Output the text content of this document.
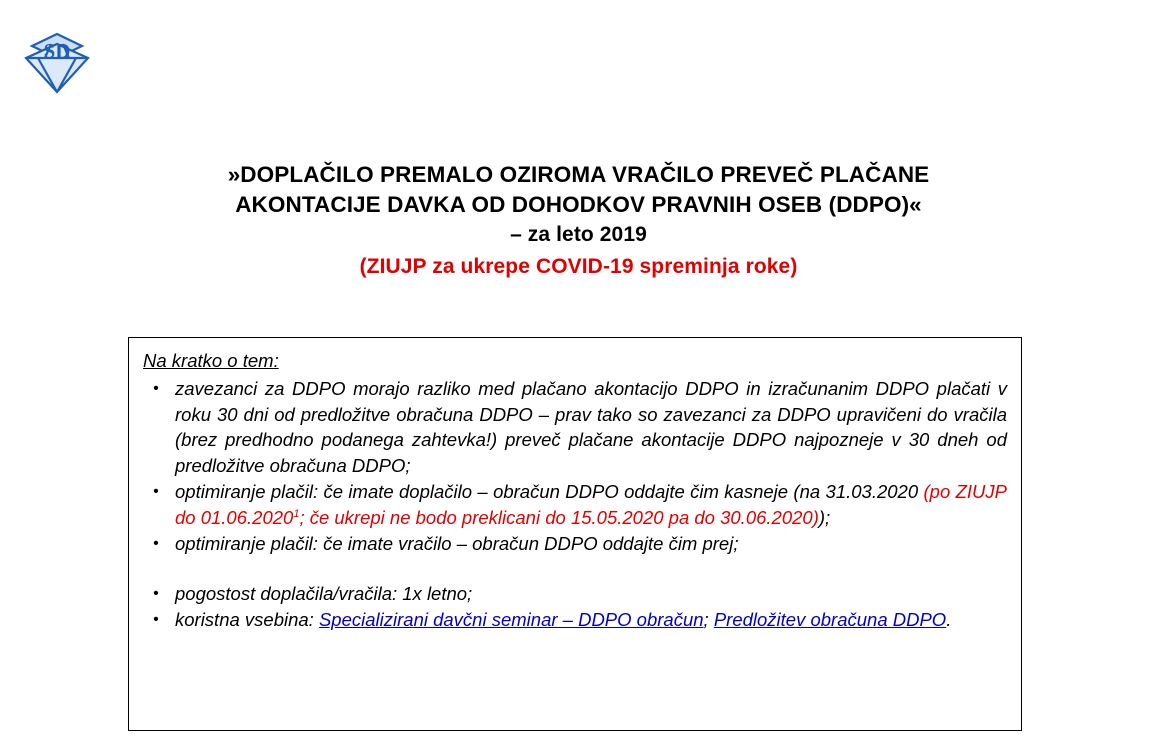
SD
»DOPLAČILO PREMALO OZIROMA VRAČILO PREVEČ PLAČANE
AKONTACIJE DAVKA OD DOHODKOV PRAVNIH OSEB (DDPO)«
– za leto 2019
(ZIUJP za ukrepe COVID-19 spreminja roke)
Na kratko o tem:
• zavezanci za DDPO morajo razliko med plačano akontacijo DDPO in izračunanim DDPO plačati v roku 30 dni od predložitve obračuna DDPO – prav tako so zavezanci za DDPO upravičeni do vračila (brez predhodno podanega zahtevka!) preveč plačane akontacije DDPO najpozneje v 30 dneh od predložitve obračuna DDPO;
• optimiranje plačil: če imate doplačilo – obračun DDPO oddajte čim kasneje (na 31.03.2020 (po ZIUJP do 01.06.2020$^1$; če ukrepi ne bodo preklicani do 15.05.2020 pa do 30.06.2020));
• optimiranje plačil: če imate vračilo – obračun DDPO oddajte čim prej;
• pogostost doplačila/vračila: 1x letno;
• koristna vsebina: Specializirani davčni seminar – DDPO obračun; Predložitev obračuna DDPO.
